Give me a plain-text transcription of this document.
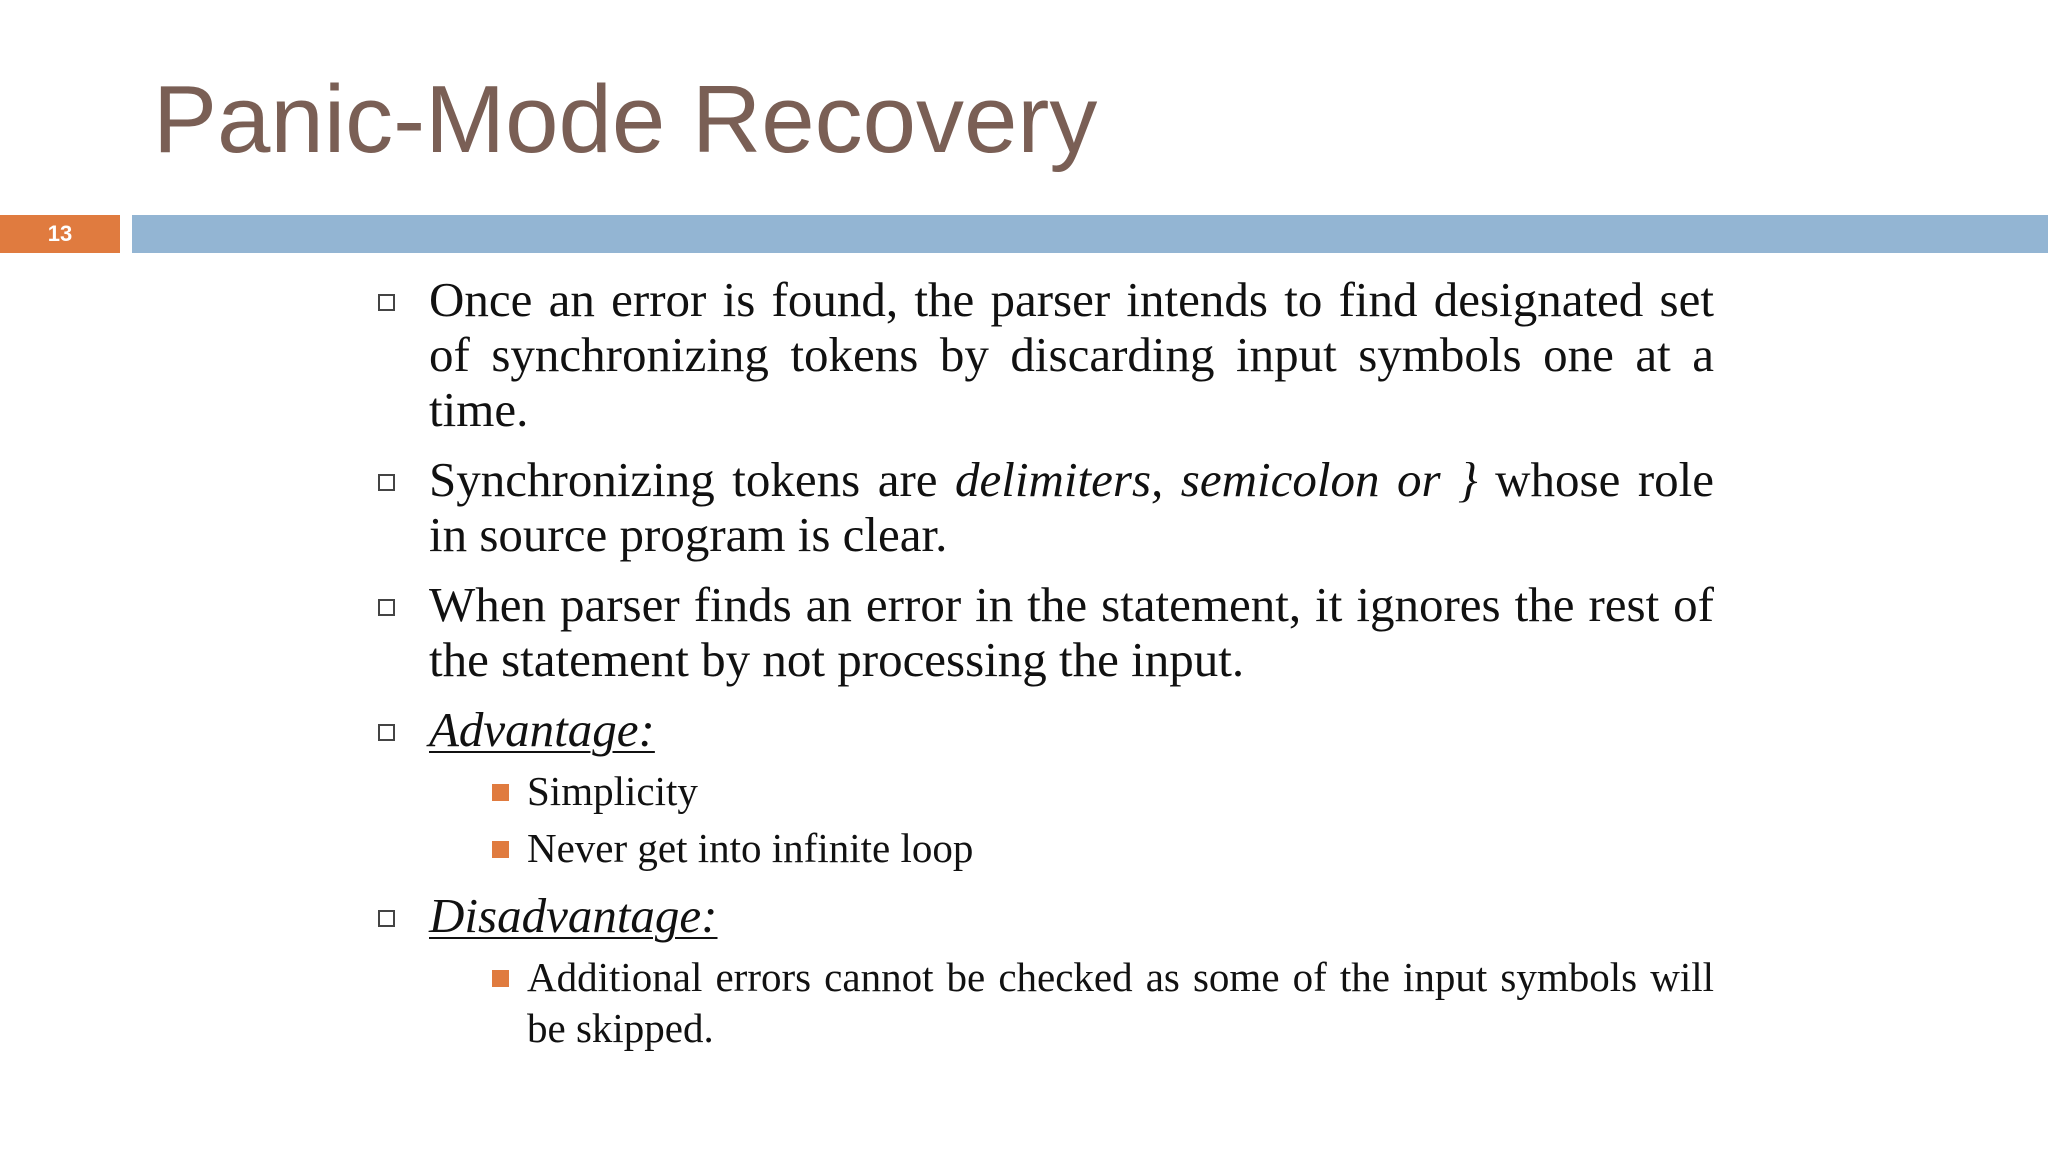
Panic-Mode Recovery
13
Once an error is found, the parser intends to find designated set of synchronizing tokens by discarding input symbols one at a time.
Synchronizing tokens are delimiters, semicolon or } whose role in source program is clear.
When parser finds an error in the statement, it ignores the rest of the statement by not processing the input.
Advantage:
Simplicity
Never get into infinite loop
Disadvantage:
Additional errors cannot be checked as some of the input symbols will be skipped.
